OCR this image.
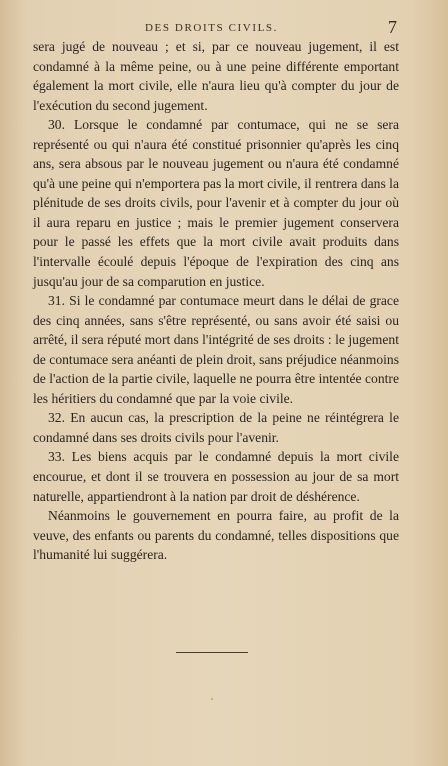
DES DROITS CIVILS.	7

sera jugé de nouveau ; et si, par ce nouveau jugement, il est condamné à la même peine, ou à une peine différente emportant également la mort civile, elle n'aura lieu qu'à compter du jour de l'exécution du second jugement.

30. Lorsque le condamné par contumace, qui ne se sera représenté ou qui n'aura été constitué prisonnier qu'après les cinq ans, sera absous par le nouveau jugement ou n'aura été condamné qu'à une peine qui n'emportera pas la mort civile, il rentrera dans la plénitude de ses droits civils, pour l'avenir et à compter du jour où il aura reparu en justice ; mais le premier jugement conservera pour le passé les effets que la mort civile avait produits dans l'intervalle écoulé depuis l'époque de l'expiration des cinq ans jusqu'au jour de sa comparution en justice.

31. Si le condamné par contumace meurt dans le délai de grace des cinq années, sans s'être représenté, ou sans avoir été saisi ou arrêté, il sera réputé mort dans l'intégrité de ses droits : le jugement de contumace sera anéanti de plein droit, sans préjudice néanmoins de l'action de la partie civile, laquelle ne pourra être intentée contre les héritiers du condamné que par la voie civile.

32. En aucun cas, la prescription de la peine ne réintégrera le condamné dans ses droits civils pour l'avenir.

33. Les biens acquis par le condamné depuis la mort civile encourue, et dont il se trouvera en possession au jour de sa mort naturelle, appartiendront à la nation par droit de déshérence.

Néanmoins le gouvernement en pourra faire, au profit de la veuve, des enfants ou parents du condamné, telles dispositions que l'humanité lui suggérera.
